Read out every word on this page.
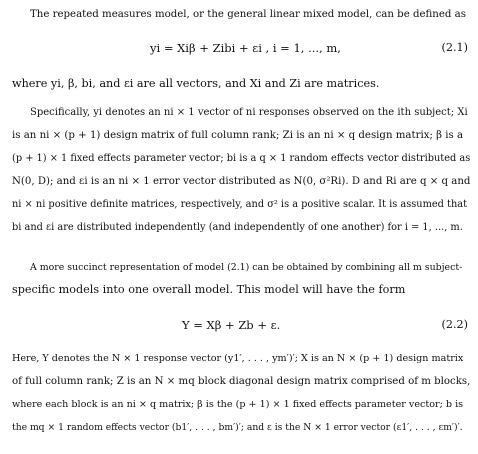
The repeated measures model, or the general linear mixed model, can be defined as
yi = Xiβ + Zibi + εi , i = 1, ..., m,	(2.1)
where yi, β, bi, and εi are all vectors, and Xi and Zi are matrices.
Specifically, yi denotes an ni × 1 vector of ni responses observed on the ith subject; Xi
is an ni × (p + 1) design matrix of full column rank; Zi is an ni × q design matrix; β is a
(p + 1) × 1 fixed effects parameter vector; bi is a q × 1 random effects vector distributed as
N(0, D); and εi is an ni × 1 error vector distributed as N(0, σ²Ri). D and Ri are q × q and
ni × ni positive definite matrices, respectively, and σ² is a positive scalar. It is assumed that
bi and εi are distributed independently (and independently of one another) for i = 1, ..., m.
A more succinct representation of model (2.1) can be obtained by combining all m subject-
specific models into one overall model. This model will have the form
Y = Xβ + Zb + ε.	(2.2)
Here, Y denotes the N × 1 response vector (y1′, . . . , ym′)′; X is an N × (p + 1) design matrix
of full column rank; Z is an N × mq block diagonal design matrix comprised of m blocks,
where each block is an ni × q matrix; β is the (p + 1) × 1 fixed effects parameter vector; b is
the mq × 1 random effects vector (b1′, . . . , bm′)′; and ε is the N × 1 error vector (ε1′, . . . , εm′)′.
